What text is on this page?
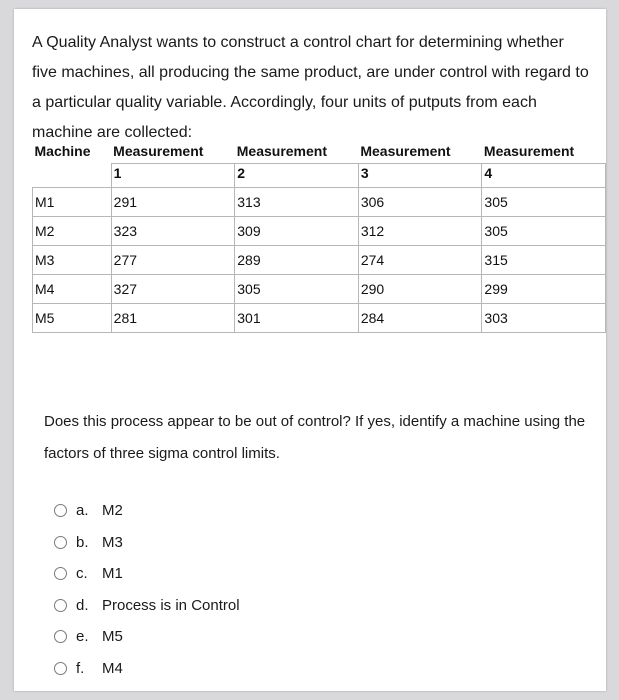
A Quality Analyst wants to construct a control chart for determining whether five machines, all producing the same product, are under control with regard to a particular quality variable. Accordingly, four units of putputs from each machine are collected:

Machine	Measurement	Measurement	Measurement	Measurement
	1	2	3	4
M1	291	313	306	305
M2	323	309	312	305
M3	277	289	274	315
M4	327	305	290	299
M5	281	301	284	303

Does this process appear to be out of control? If yes, identify a machine using the factors of three sigma control limits.

a. M2
b. M3
c. M1
d. Process is in Control
e. M5
f.	M4
